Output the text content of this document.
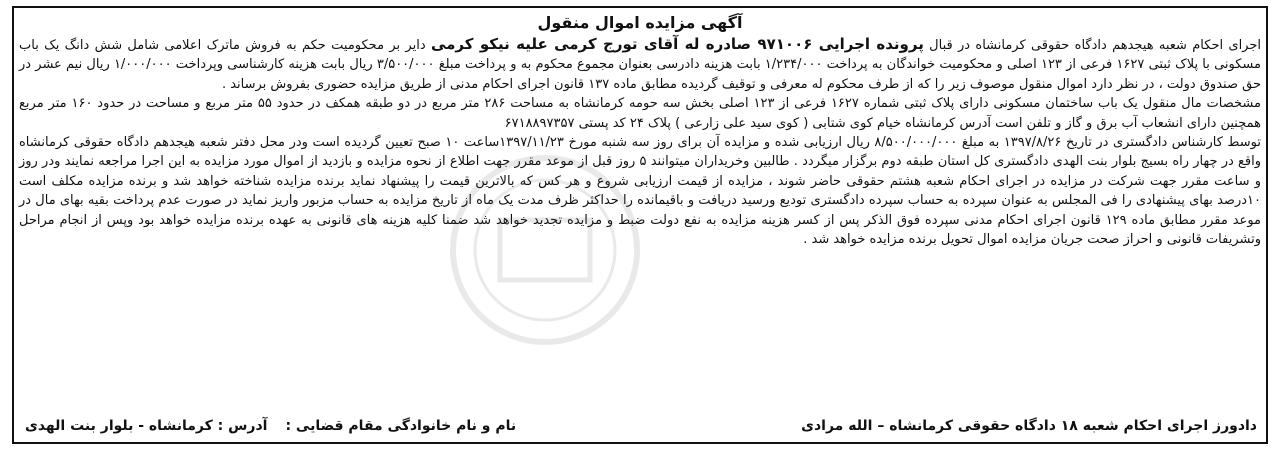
آگهی مزایده اموال منقول

اجرای احکام شعبه هیجدهم دادگاه حقوقی کرمانشاه در قبال پرونده اجرایی ۹۷۱۰۰۶ صادره له آقای تورج کرمی علیه نیکو کرمی دایر بر محکومیت حکم به فروش ماترک اعلامی شامل شش دانگ یک باب مسکونی با پلاک ثبتی ۱۶۲۷ فرعی از ۱۲۳ اصلی و محکومیت خواندگان به پرداخت ۱/۲۳۴/۰۰۰ بابت هزینه دادرسی بعنوان مجموع محکوم به و پرداخت مبلغ ۳/۵۰۰/۰۰۰ ریال بابت هزینه کارشناسی وپرداخت ۱/۰۰۰/۰۰۰ ریال نیم عشر در حق صندوق دولت ، در نظر دارد اموال منقول موصوف زیر را که از طرف محکوم له معرفی و توقیف گردیده مطابق ماده ۱۳۷ قانون اجرای احکام مدنی از طریق مزایده حضوری بفروش برساند .

مشخصات مال منقول یک باب ساختمان مسکونی دارای پلاک ثبتی شماره ۱۶۲۷ فرعی از ۱۲۳ اصلی بخش سه حومه کرمانشاه به مساحت ۲۸۶ متر مربع در دو طبقه همکف در حدود ۵۵ متر مربع و مساحت در حدود ۱۶۰ متر مربع همچنین دارای انشعاب آب برق و گاز و تلفن است آدرس کرمانشاه خیام کوی شتابی ( کوی سید علی زارعی ) پلاک ۲۴ کد پستی ۶۷۱۸۸۹۷۳۵۷

توسط کارشناس دادگستری در تاریخ ۱۳۹۷/۸/۲۶ به مبلغ ۸/۵۰۰/۰۰۰/۰۰۰ ریال ارزیابی شده و مزایده آن برای روز سه شنبه مورخ ۱۳۹۷/۱۱/۲۳ساعت ۱۰ صبح تعیین گردیده است ودر محل دفتر شعبه هیجدهم دادگاه حقوقی کرمانشاه واقع در چهار راه بسیج بلوار بنت الهدی دادگستری کل استان طبقه دوم برگزار میگردد . طالبین وخریداران میتوانند ۵ روز قبل از موعد مقرر جهت اطلاع از نحوه مزایده و بازدید از اموال مورد مزایده به این اجرا مراجعه نمایند ودر روز و ساعت مقرر جهت شرکت در مزایده در اجرای احکام شعبه هشتم حقوقی حاضر شوند ، مزایده از قیمت ارزیابی شروع و هر کس که بالاترین قیمت را پیشنهاد نماید برنده مزایده شناخته خواهد شد و برنده مزایده مکلف است ۱۰درصد بهای پیشنهادی را فی المجلس به عنوان سپرده به حساب سپرده دادگستری تودیع ورسید دریافت و باقیمانده را حداکثر ظرف مدت یک ماه از تاریخ مزایده به حساب مزبور واریز نماید در صورت عدم پرداخت بقیه بهای مال در موعد مقرر مطابق ماده ۱۲۹ قانون اجرای احکام مدنی سپرده فوق الذکر پس از کسر هزینه مزایده به نفع دولت ضبط و مزایده تجدید خواهد شد ضمنا کلیه هزینه های قانونی به عهده برنده مزایده خواهد بود وپس از انجام مراحل وتشریفات قانونی و احراز صحت جریان مزایده اموال تحویل برنده مزایده خواهد شد .

دادورز اجرای احکام شعبه ۱۸ دادگاه حقوقی کرمانشاه – الله مرادی
نام و نام خانوادگی مقام قضایی :
آدرس : کرمانشاه - بلوار بنت الهدی
